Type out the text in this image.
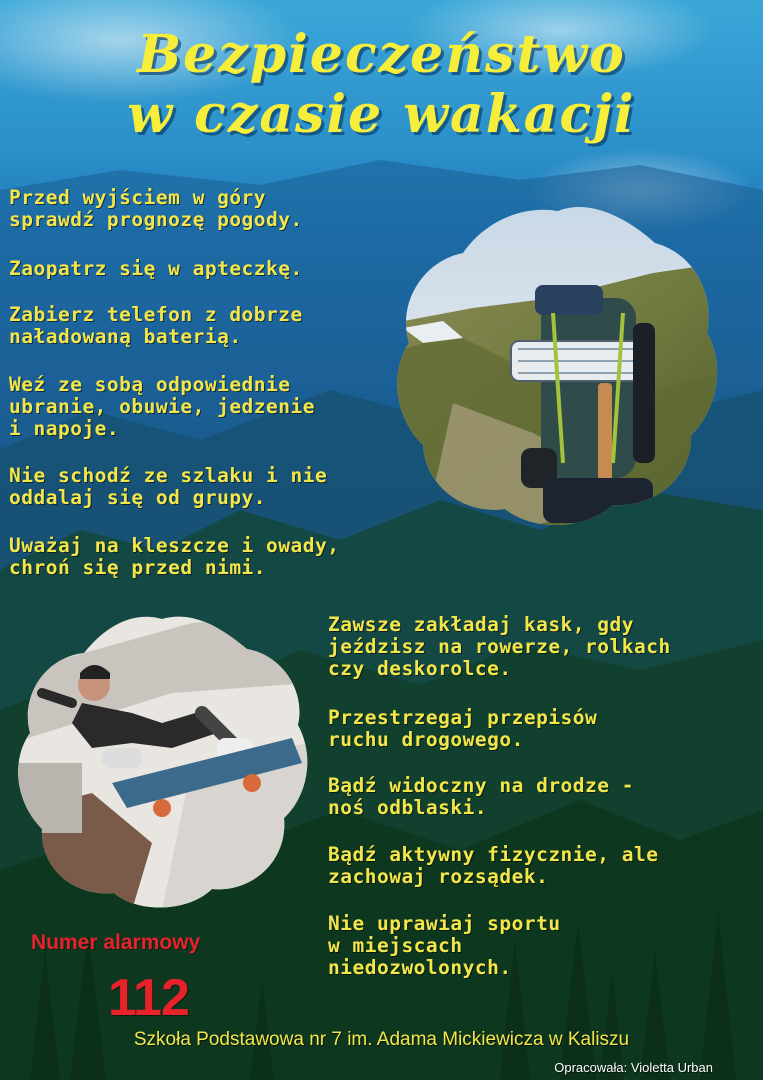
Bezpieczeństwo
w czasie wakacji
Przed wyjściem w góry
sprawdź prognozę pogody.
Zaopatrz się w apteczkę.
Zabierz telefon z dobrze
naładowaną baterią.
Weź ze sobą odpowiednie
ubranie, obuwie, jedzenie
i napoje.
Nie schodź ze szlaku i nie
oddalaj się od grupy.
Uważaj na kleszcze i owady,
chroń się przed nimi.
Zawsze zakładaj kask, gdy
jeździsz na rowerze, rolkach
czy deskorolce.
Przestrzegaj przepisów
ruchu drogowego.
Bądź widoczny na drodze -
noś odblaski.
Bądź aktywny fizycznie, ale
zachowaj rozsądek.
Nie uprawiaj sportu
w miejscach
niedozwolonych.
Numer alarmowy
112
Szkoła Podstawowa nr 7 im. Adama Mickiewicza w Kaliszu
Opracowała: Violetta Urban
